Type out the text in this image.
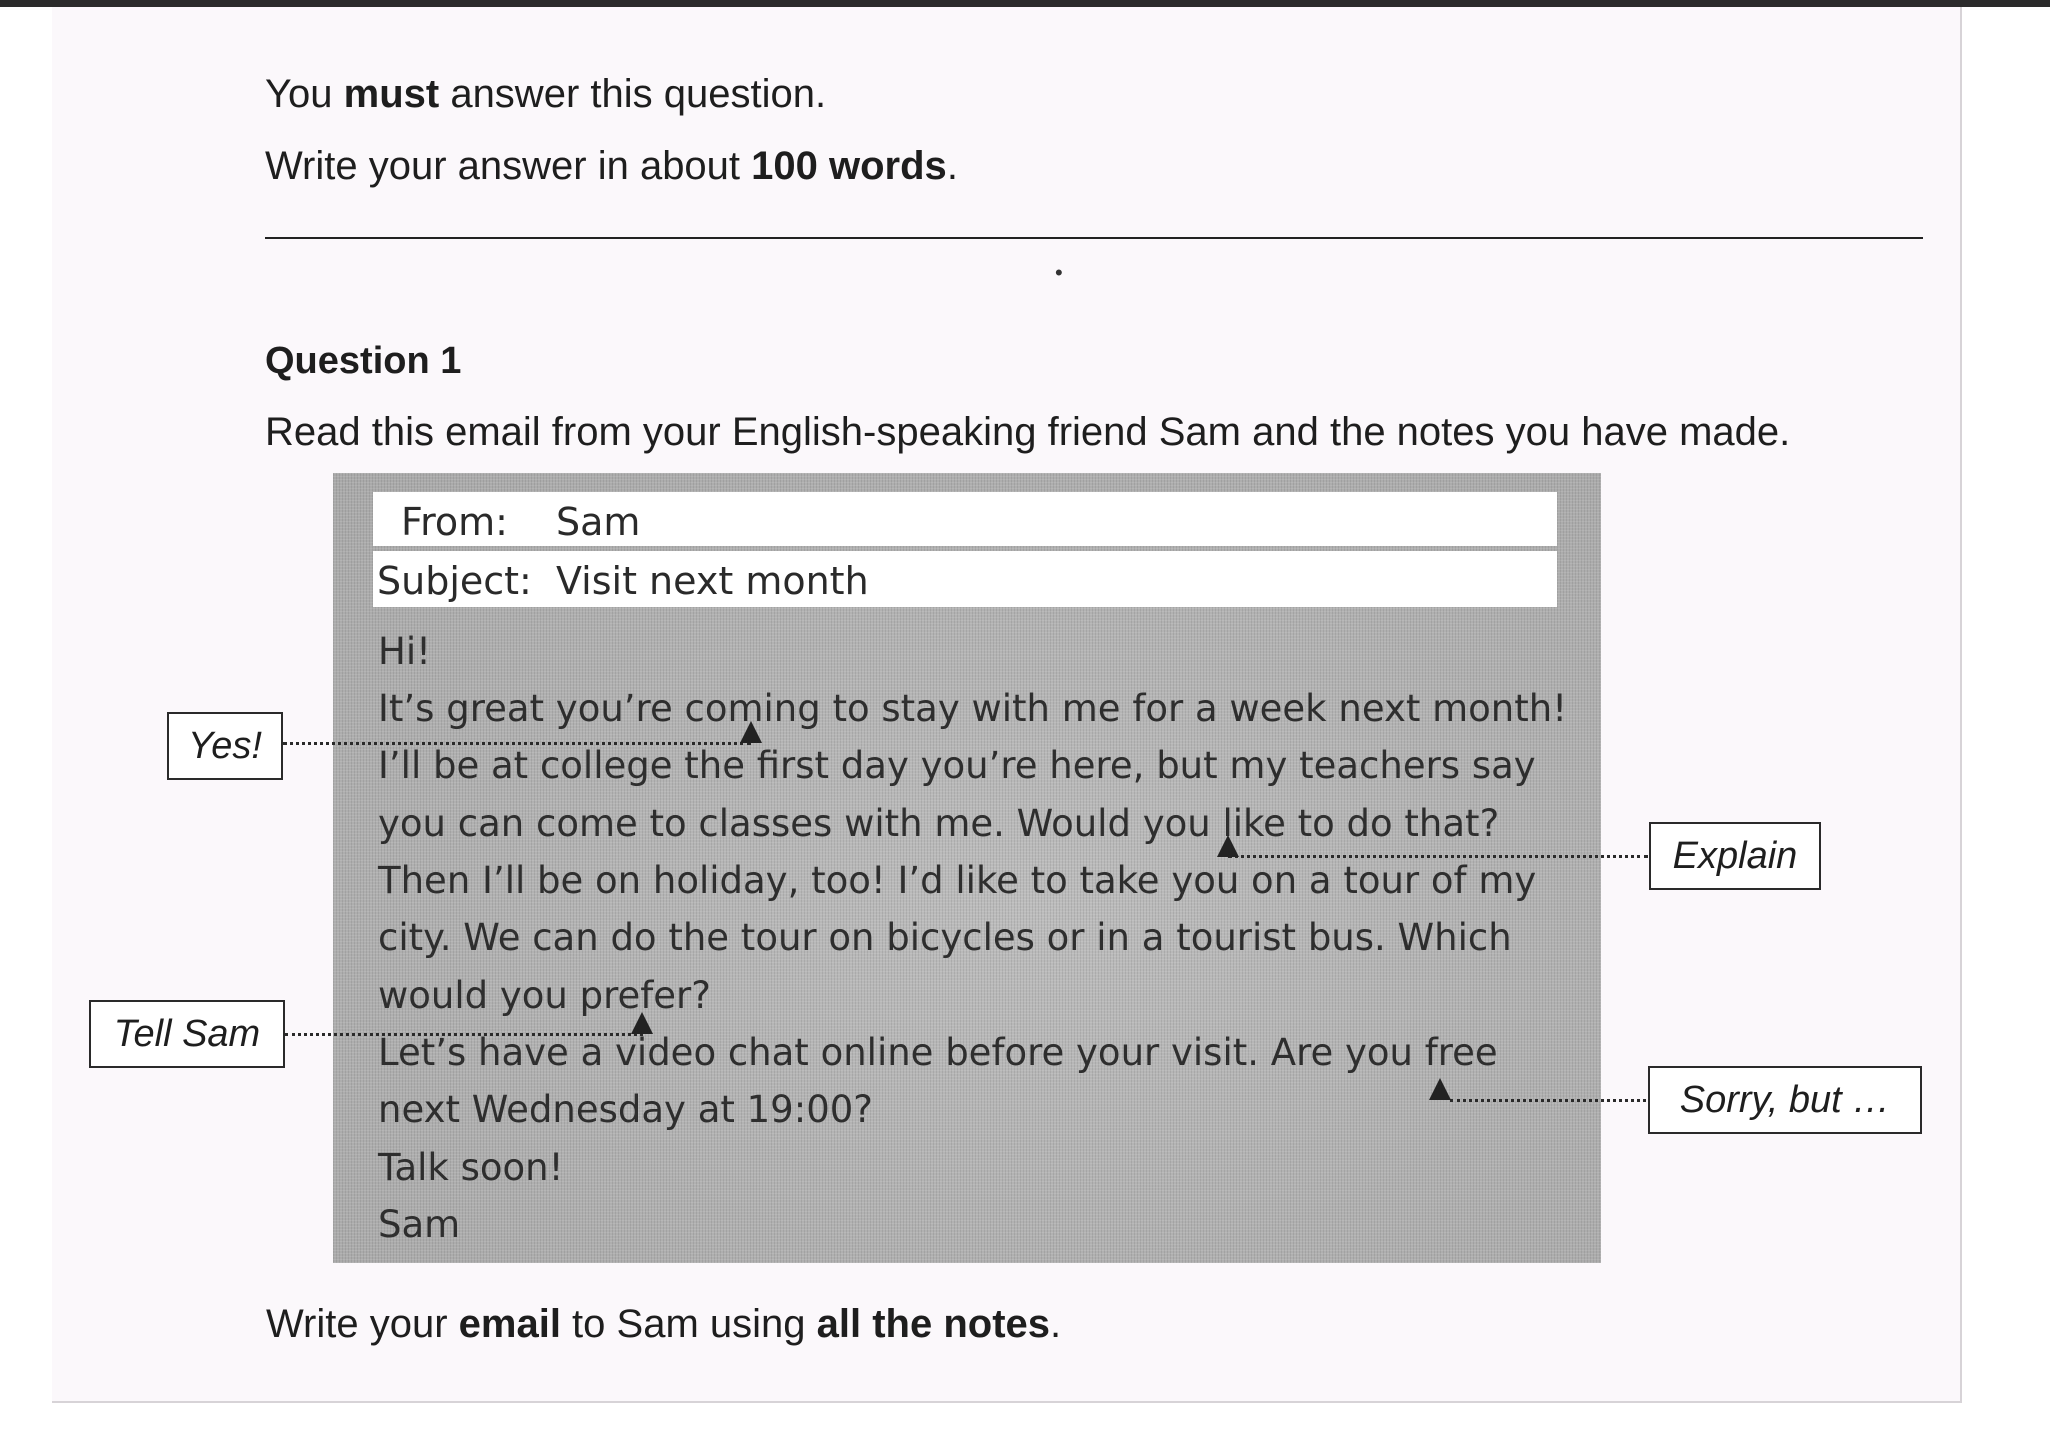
You must answer this question.
Write your answer in about 100 words.
•
Question 1
Read this email from your English-speaking friend Sam and the notes you have made.
From: Sam
Subject: Visit next month
Hi!
It’s great you’re coming to stay with me for a week next month!
I’ll be at college the first day you’re here, but my teachers say
you can come to classes with me. Would you like to do that?
Then I’ll be on holiday, too! I’d like to take you on a tour of my
city. We can do the tour on bicycles or in a tourist bus. Which
would you prefer?
Let’s have a video chat online before your visit. Are you free
next Wednesday at 19:00?
Talk soon!
Sam
Yes!
Explain
Tell Sam
Sorry, but …
Write your email to Sam using all the notes.
